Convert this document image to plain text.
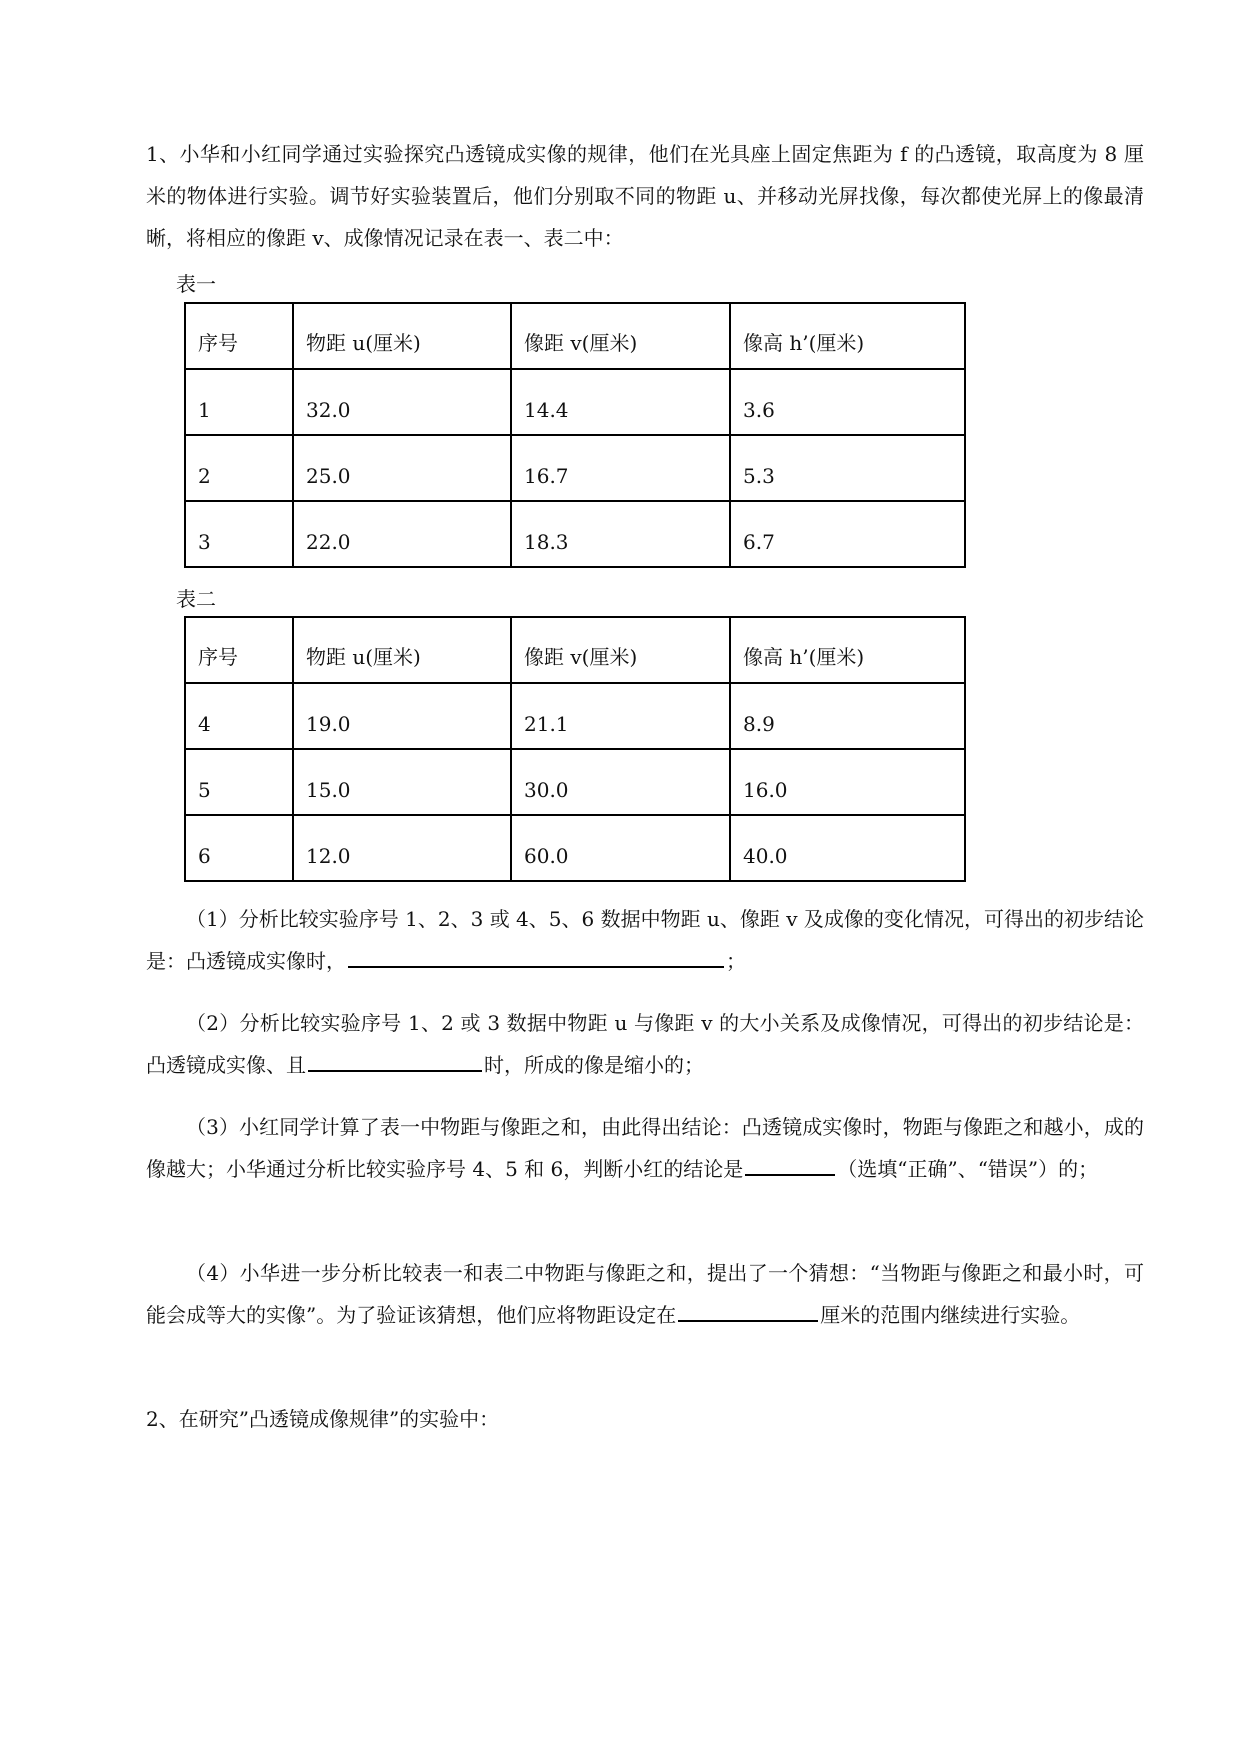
1、小华和小红同学通过实验探究凸透镜成实像的规律，他们在光具座上固定焦距为 f 的凸透镜，取高度为 8 厘米的物体进行实验。调节好实验装置后，他们分别取不同的物距 u、并移动光屏找像，每次都使光屏上的像最清晰，将相应的像距 v、成像情况记录在表一、表二中：

表一
序号	物距 u(厘米)	像距 v(厘米)	像高 h’(厘米)
1	32.0	14.4	3.6
2	25.0	16.7	5.3
3	22.0	18.3	6.7
表二
序号	物距 u(厘米)	像距 v(厘米)	像高 h’(厘米)
4	19.0	21.1	8.9
5	15.0	30.0	16.0
6	12.0	60.0	40.0

（1）分析比较实验序号 1、2、3 或 4、5、6 数据中物距 u、像距 v 及成像的变化情况，可得出的初步结论是：凸透镜成实像时，	；

（2）分析比较实验序号 1、2 或 3 数据中物距 u 与像距 v 的大小关系及成像情况，可得出的初步结论是：凸透镜成实像、且	时，所成的像是缩小的；

（3）小红同学计算了表一中物距与像距之和，由此得出结论：凸透镜成实像时，物距与像距之和越小，成的像越大；小华通过分析比较实验序号 4、5 和 6，判断小红的结论是	（选填“正确”、“错误”）的；

（4）小华进一步分析比较表一和表二中物距与像距之和，提出了一个猜想：“当物距与像距之和最小时，可能会成等大的实像”。为了验证该猜想，他们应将物距设定在	厘米的范围内继续进行实验。

2、在研究”凸透镜成像规律”的实验中：
